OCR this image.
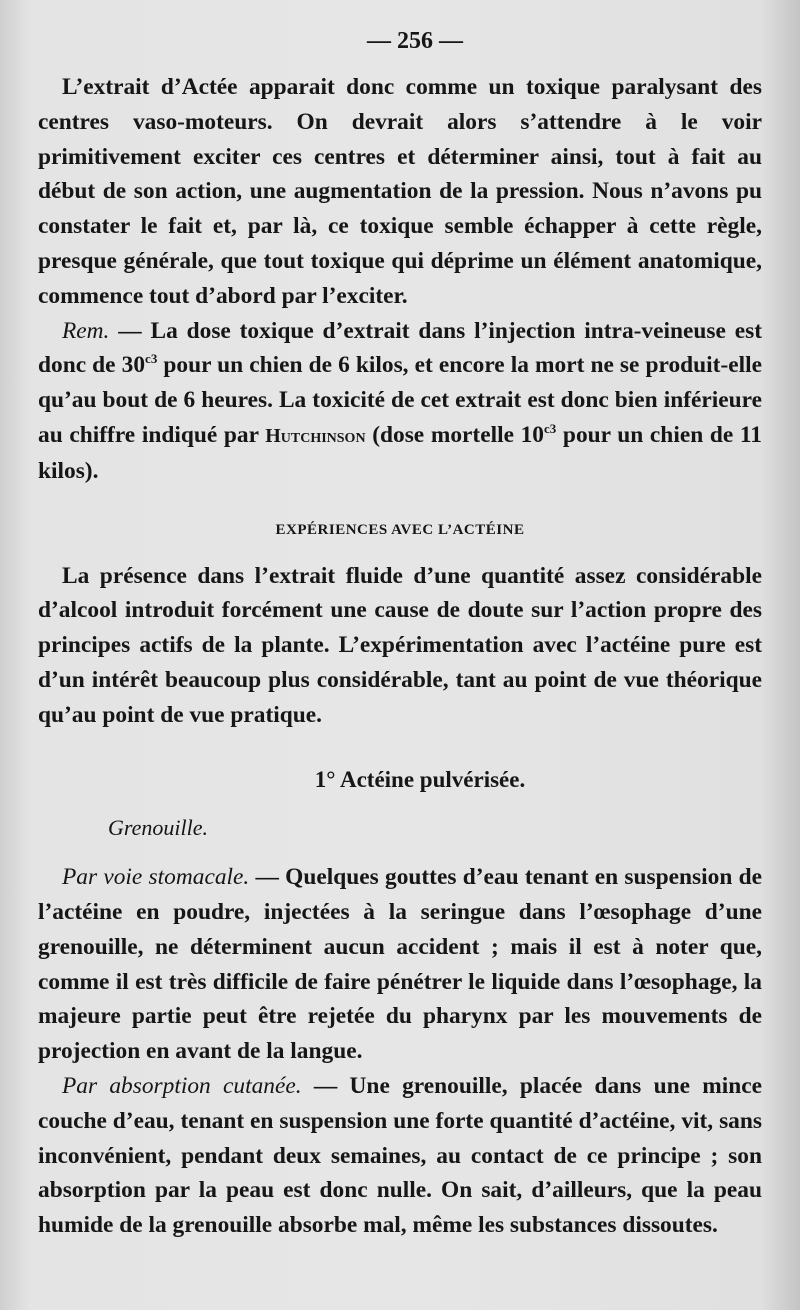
— 256 —

L’extrait d’Actée apparait donc comme un toxique paralysant des centres vaso-moteurs. On devrait alors s’attendre à le voir primitivement exciter ces centres et déterminer ainsi, tout à fait au début de son action, une augmentation de la pression. Nous n’avons pu constater le fait et, par là, ce toxique semble échapper à cette règle, presque générale, que tout toxique qui déprime un élément anatomique, commence tout d’abord par l’exciter.

Rem. — La dose toxique d’extrait dans l’injection intra-veineuse est donc de $30^{c3}$ pour un chien de 6 kilos, et encore la mort ne se produit-elle qu’au bout de 6 heures. La toxicité de cet extrait est donc bien inférieure au chiffre indiqué par Hutchinson (dose mortelle $10^{c3}$ pour un chien de 11 kilos).

EXPÉRIENCES AVEC L’ACTÉINE

La présence dans l’extrait fluide d’une quantité assez considérable d’alcool introduit forcément une cause de doute sur l’action propre des principes actifs de la plante. L’expérimentation avec l’actéine pure est d’un intérêt beaucoup plus considérable, tant au point de vue théorique qu’au point de vue pratique.

1° Actéine pulvérisée.
Grenouille.

Par voie stomacale. — Quelques gouttes d’eau tenant en suspension de l’actéine en poudre, injectées à la seringue dans l’œsophage d’une grenouille, ne déterminent aucun accident ; mais il est à noter que, comme il est très difficile de faire pénétrer le liquide dans l’œsophage, la majeure partie peut être rejetée du pharynx par les mouvements de projection en avant de la langue.

Par absorption cutanée. — Une grenouille, placée dans une mince couche d’eau, tenant en suspension une forte quantité d’actéine, vit, sans inconvénient, pendant deux semaines, au contact de ce principe ; son absorption par la peau est donc nulle. On sait, d’ailleurs, que la peau humide de la grenouille absorbe mal, même les substances dissoutes.
